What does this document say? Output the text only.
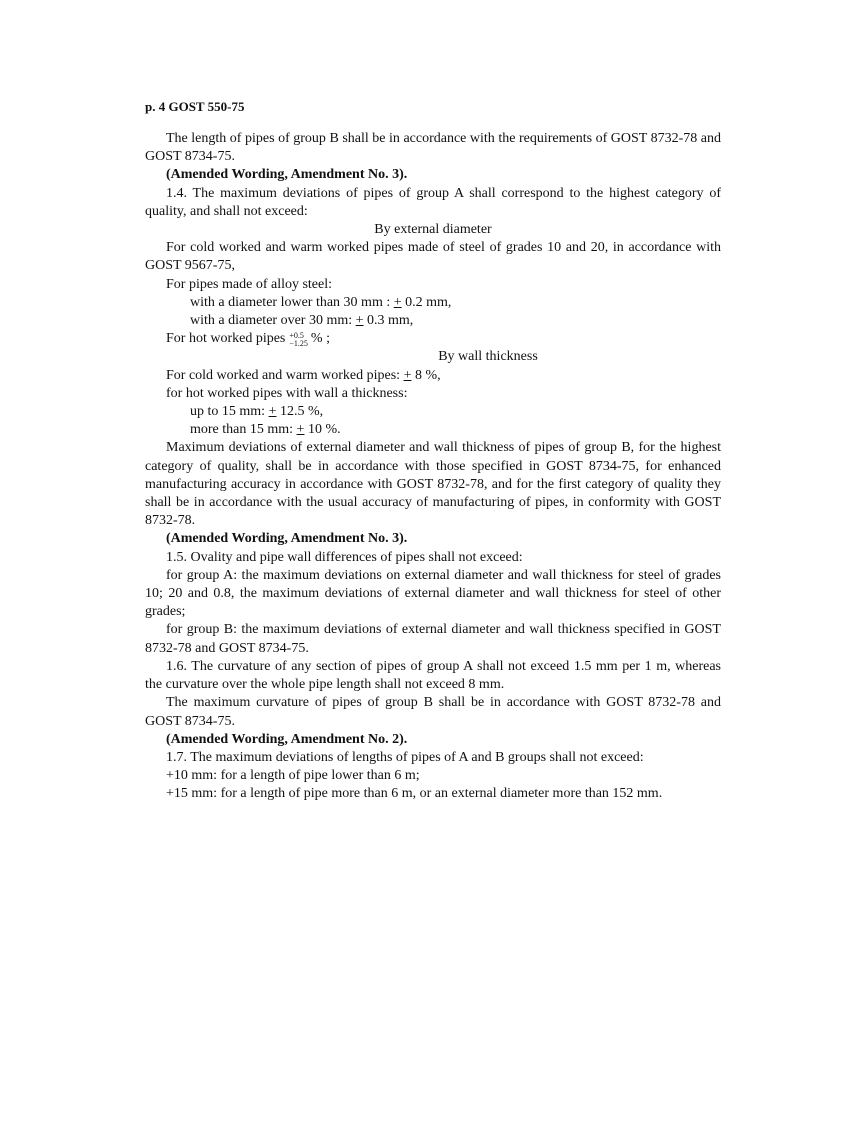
p. 4 GOST 550-75

The length of pipes of group B shall be in accordance with the requirements of GOST 8732-78 and GOST 8734-75.

(Amended Wording, Amendment No. 3).

1.4. The maximum deviations of pipes of group A shall correspond to the highest category of quality, and shall not exceed:

By external diameter

For cold worked and warm worked pipes made of steel of grades 10 and 20, in accordance with GOST 9567-75,

For pipes made of alloy steel:

with a diameter lower than 30 mm : + 0.2 mm,

with a diameter over 30 mm: + 0.3 mm,

For hot worked pipes +0.5
−1.25 % ;

By wall thickness

For cold worked and warm worked pipes: + 8 %,

for hot worked pipes with wall a thickness:

up to 15 mm: + 12.5 %,

more than 15 mm: + 10 %.

Maximum deviations of external diameter and wall thickness of pipes of group B, for the highest category of quality, shall be in accordance with those specified in GOST 8734-75, for enhanced manufacturing accuracy in accordance with GOST 8732-78, and for the first category of quality they shall be in accordance with the usual accuracy of manufacturing of pipes, in conformity with GOST 8732-78.

(Amended Wording, Amendment No. 3).

1.5. Ovality and pipe wall differences of pipes shall not exceed:

for group A: the maximum deviations on external diameter and wall thickness for steel of grades 10; 20 and 0.8, the maximum deviations of external diameter and wall thickness for steel of other grades;

for group B: the maximum deviations of external diameter and wall thickness specified in GOST 8732-78 and GOST 8734-75.

1.6. The curvature of any section of pipes of group A shall not exceed 1.5 mm per 1 m, whereas the curvature over the whole pipe length shall not exceed 8 mm.

The maximum curvature of pipes of group B shall be in accordance with GOST 8732-78 and GOST 8734-75.

(Amended Wording, Amendment No. 2).

1.7. The maximum deviations of lengths of pipes of A and B groups shall not exceed:

+10 mm: for a length of pipe lower than 6 m;

+15 mm: for a length of pipe more than 6 m, or an external diameter more than 152 mm.
